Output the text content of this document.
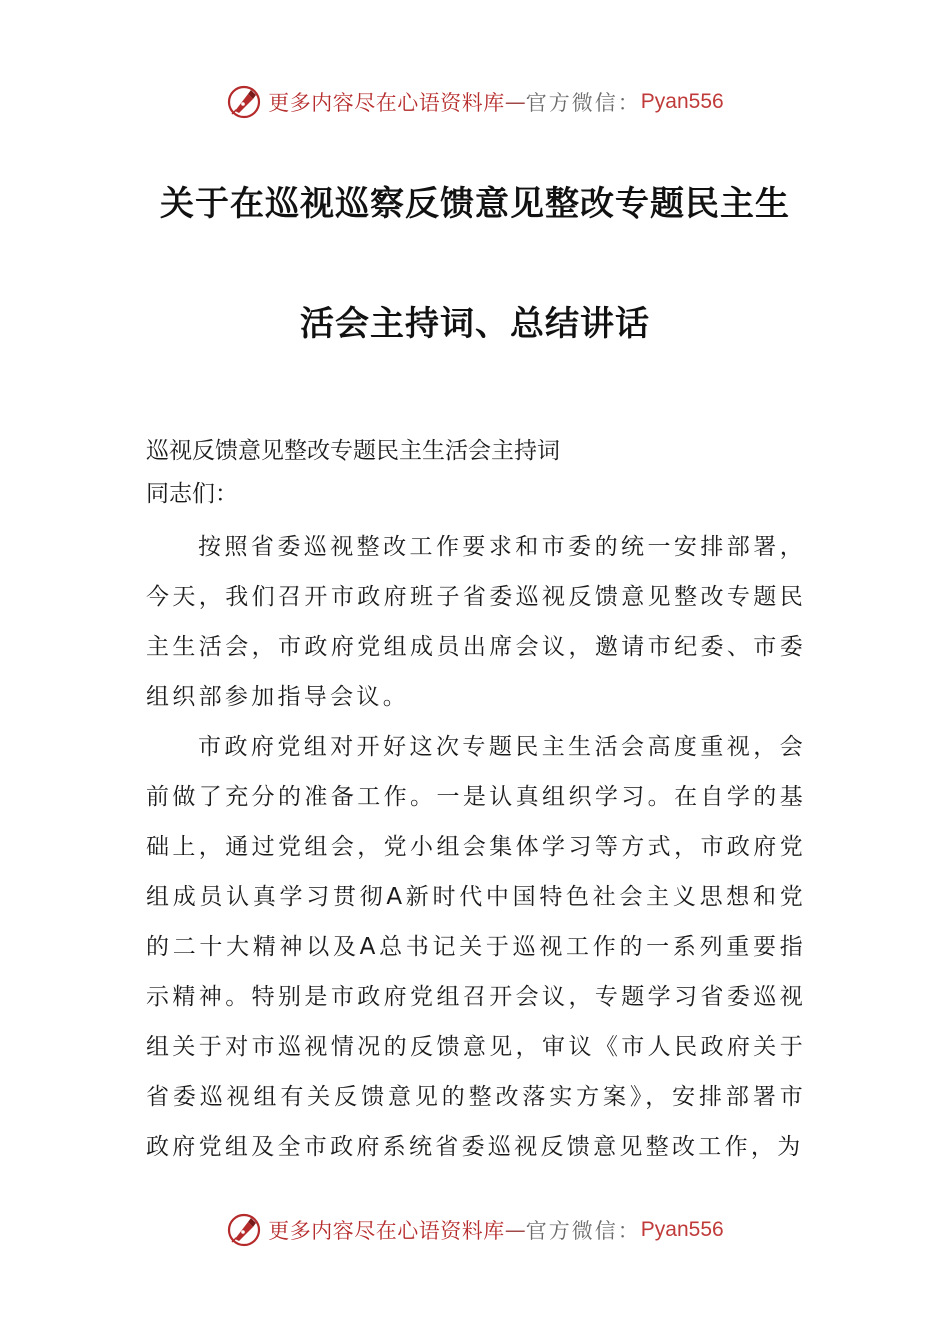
更多内容尽在心语资料库 — 官方微信： Pyan556
关于在巡视巡察反馈意见整改专题民主生
活会主持词、总结讲话

巡视反馈意见整改专题民主生活会主持词

同志们：

按照省委巡视整改工作要求和市委的统一安排部署，今天，我们召开市政府班子省委巡视反馈意见整改专题民主生活会，市政府党组成员出席会议，邀请市纪委、市委组织部参加指导会议。

市政府党组对开好这次专题民主生活会高度重视，会前做了充分的准备工作。一是认真组织学习。在自学的基础上，通过党组会，党小组会集体学习等方式，市政府党组成员认真学习贯彻A新时代中国特色社会主义思想和党的二十大精神以及A总书记关于巡视工作的一系列重要指示精神。特别是市政府党组召开会议，专题学习省委巡视组关于对市巡视情况的反馈意见，审议《市人民政府关于省委巡视组有关反馈意见的整改落实方案》，安排部署市政府党组及全市政府系统省委巡视反馈意见整改工作，为

更多内容尽在心语资料库 — 官方微信： Pyan556
